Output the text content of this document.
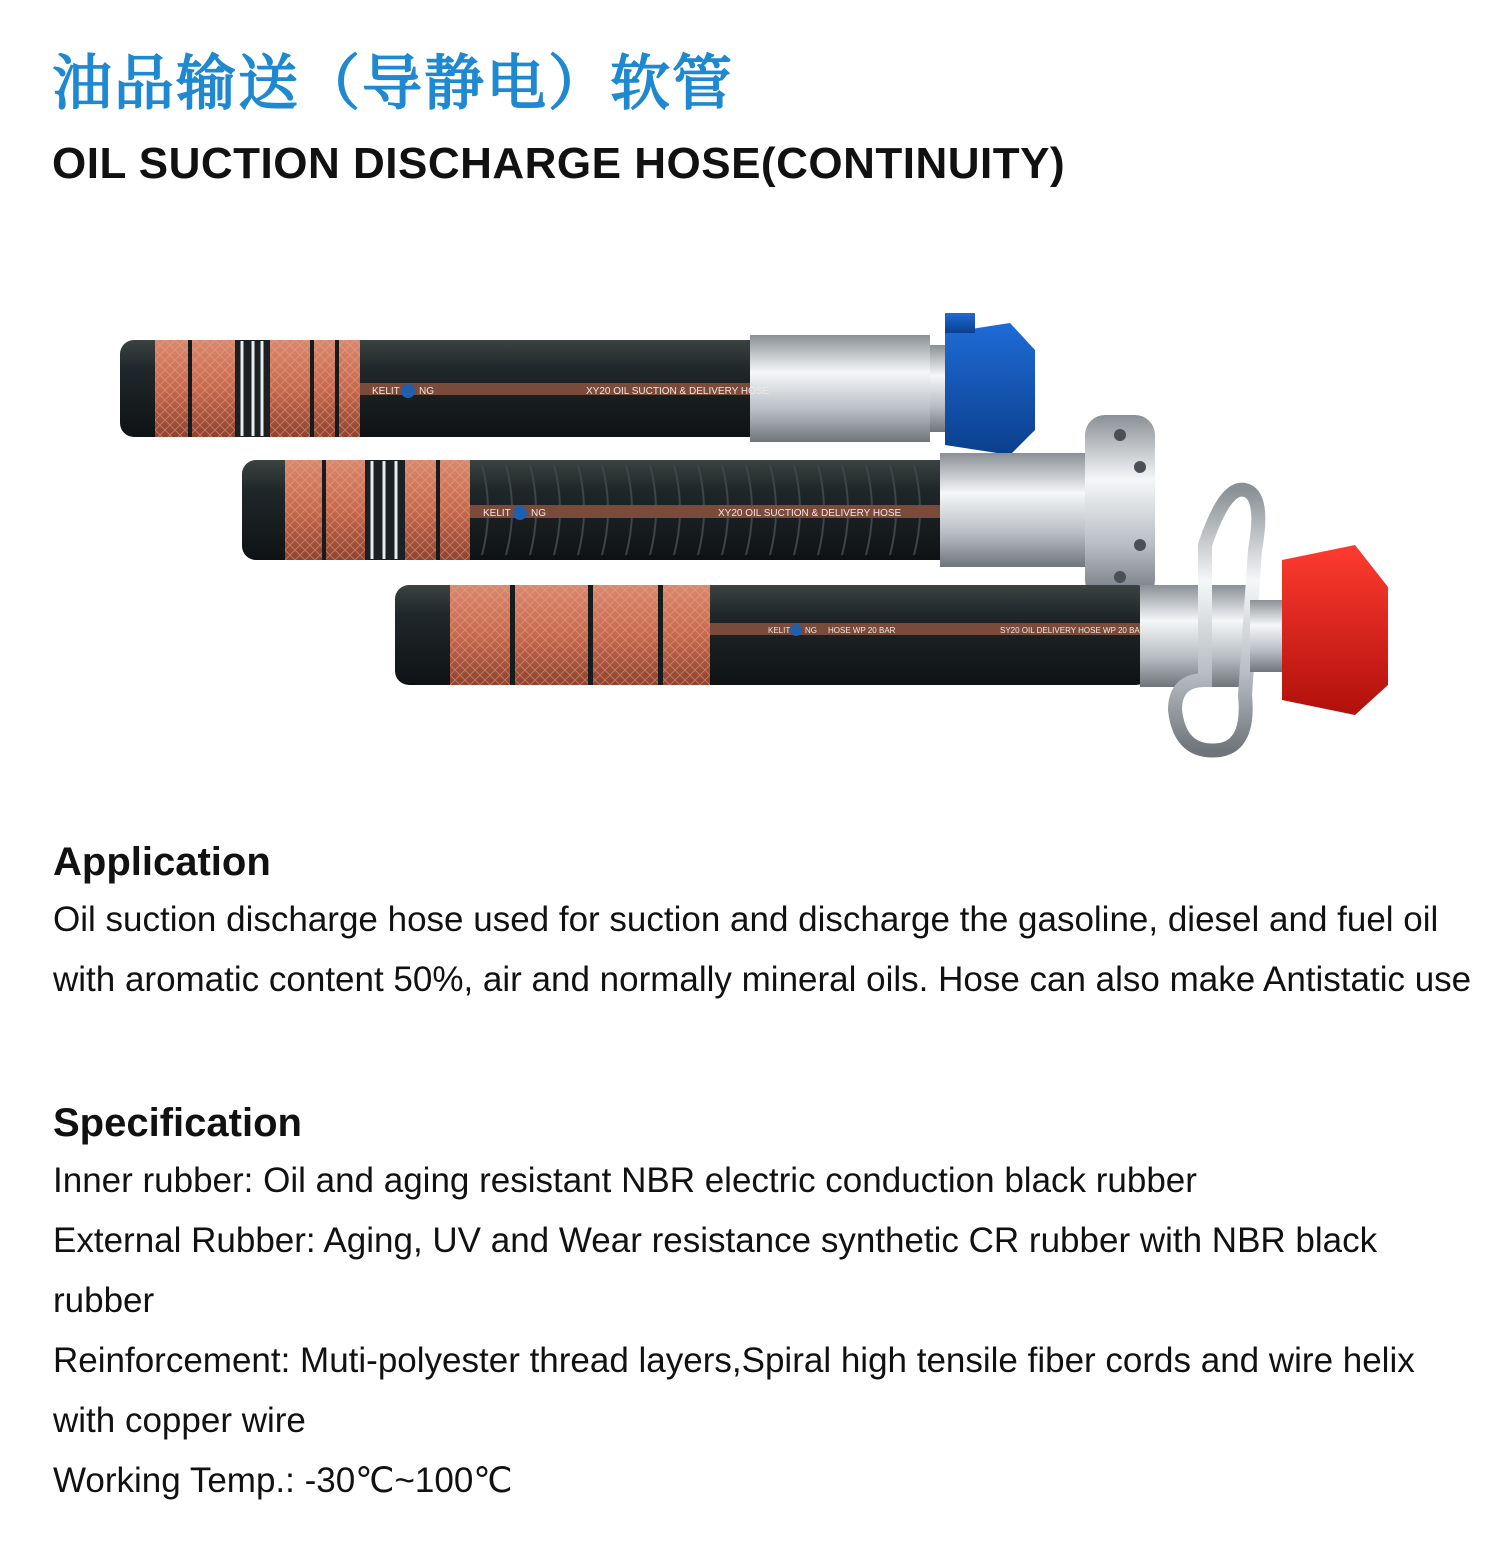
油品输送（导静电）软管
OIL SUCTION DISCHARGE HOSE(CONTINUITY)
KELIT NG	XY20 OIL SUCTION & DELIVERY HOSE
KELIT NG	XY20 OIL SUCTION & DELIVERY HOSE
KELIT NG HOSE WP 20 BAR	SY20 OIL DELIVERY HOSE WP 20 BAR
Application

Oil suction discharge hose used for suction and discharge the gasoline, diesel and fuel oil with aromatic content 50%, air and normally mineral oils. Hose can also make Antistatic use

Specification

Inner rubber: Oil and aging resistant NBR electric conduction black rubber

External Rubber: Aging, UV and Wear resistance synthetic CR rubber with NBR black rubber

Reinforcement: Muti-polyester thread layers,Spiral high tensile fiber cords and wire helix with copper wire

Working Temp.: -30℃~100℃
